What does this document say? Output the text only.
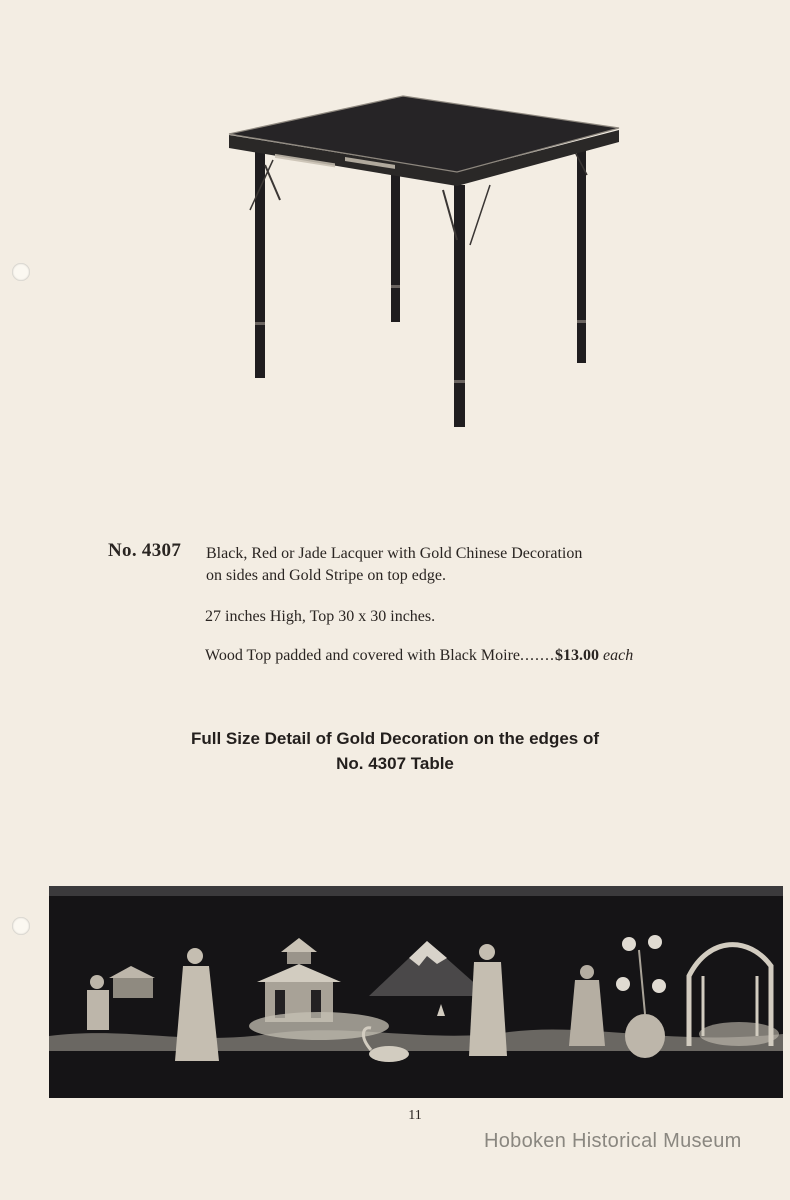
No. 4307 Black, Red or Jade Lacquer with Gold Chinese Decoration
on sides and Gold Stripe on top edge.
27 inches High, Top 30 x 30 inches.
Wood Top padded and covered with Black Moire.......$13.00 each
Full Size Detail of Gold Decoration on the edges of
No. 4307 Table
11
Hoboken Historical Museum
